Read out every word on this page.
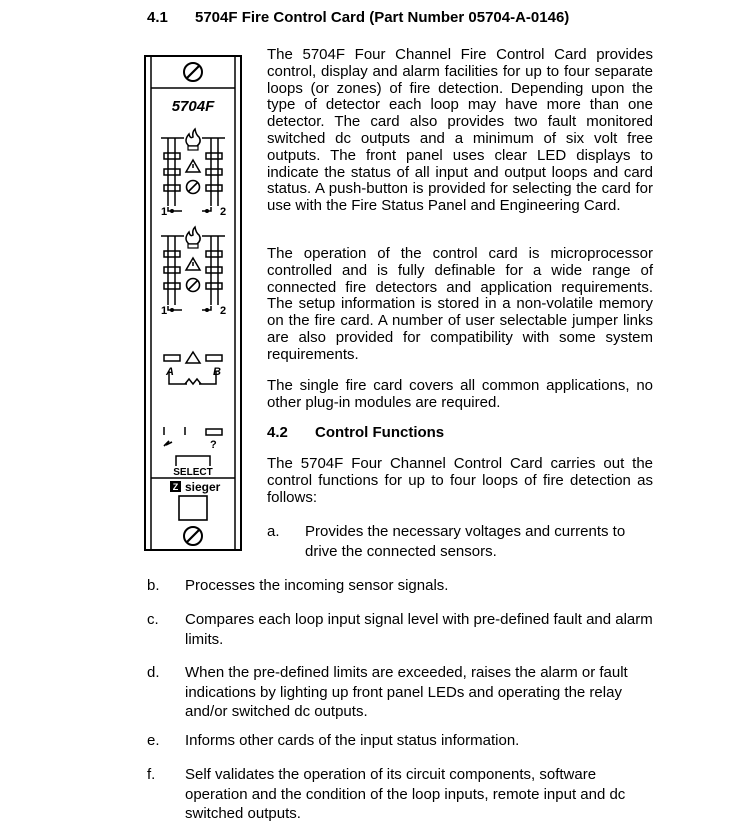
4.1 5704F Fire Control Card (Part Number 05704-A-0146)

The 5704F Four Channel Fire Control Card provides control, display and alarm facilities for up to four separate loops (or zones) of fire detection. Depending upon the type of detector each loop may have more than one detector. The card also provides two fault monitored switched dc outputs and a minimum of six volt free outputs. The front panel uses clear LED displays to indicate the status of all input and output loops and card status. A push-button is provided for selecting the card for use with the Fire Status Panel and Engineering Card.

The operation of the control card is microprocessor controlled and is fully definable for a wide range of connected fire detectors and application requirements. The setup information is stored in a non-volatile memory on the fire card. A number of user selectable jumper links are also provided for compatibility with some system requirements.

The single fire card covers all common applications, no other plug-in modules are required.

4.2 Control Functions

The 5704F Four Channel Control Card carries out the control functions for up to four loops of fire detection as follows:

a. Provides the necessary voltages and currents to drive the connected sensors.
b. Processes the incoming sensor signals.
c. Compares each loop input signal level with pre-defined fault and alarm limits.
d. When the pre-defined limits are exceeded, raises the alarm or fault indications by lighting up front panel LEDs and operating the relay and/or switched dc outputs.
e. Informs other cards of the input status information.
f. Self validates the operation of its circuit components, software operation and the condition of the loop inputs, remote input and dc switched outputs.
5704F
1	2
1	2
A	B
?
SELECT
Z sieger
